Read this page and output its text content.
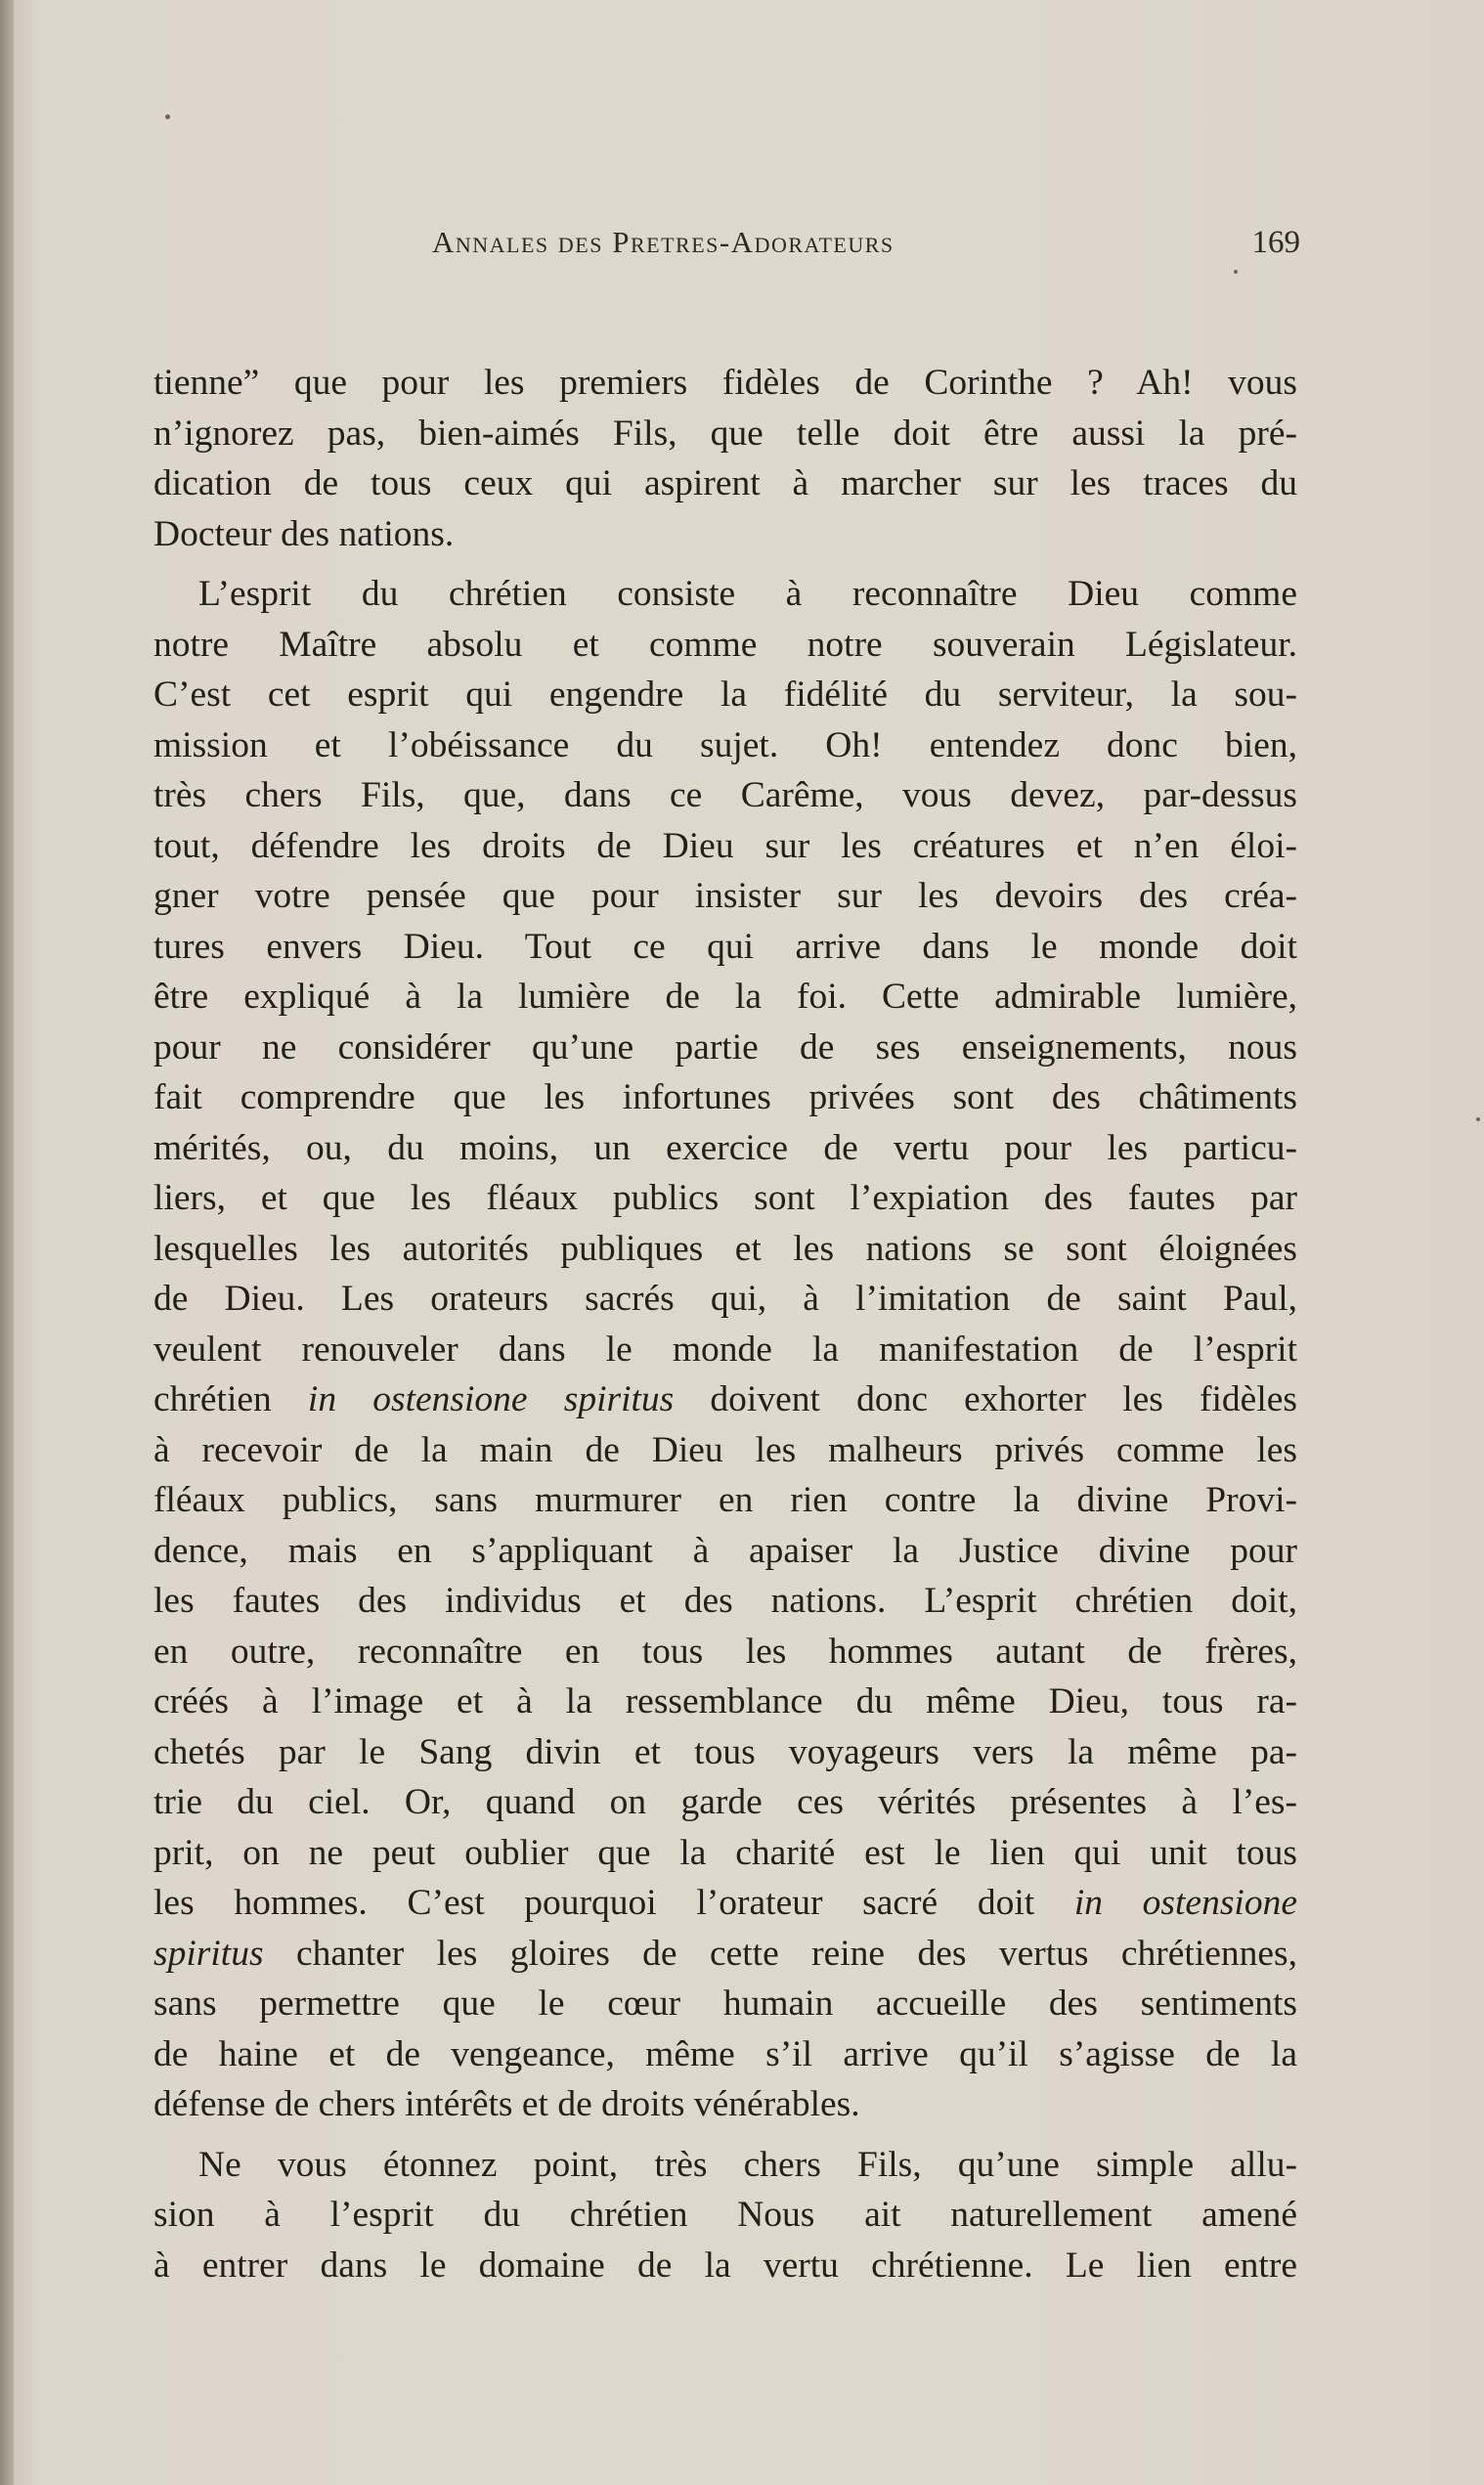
Annales des Pretres-Adorateurs	169
tienne” que pour les premiers fidèles de Corinthe ? Ah! vous
n’ignorez pas, bien-aimés Fils, que telle doit être aussi la pré-
dication de tous ceux qui aspirent à marcher sur les traces du
Docteur des nations.
L’esprit du chrétien consiste à reconnaître Dieu comme
notre Maître absolu et comme notre souverain Législateur.
C’est cet esprit qui engendre la fidélité du serviteur, la sou-
mission et l’obéissance du sujet. Oh! entendez donc bien,
très chers Fils, que, dans ce Carême, vous devez, par-dessus
tout, défendre les droits de Dieu sur les créatures et n’en éloi-
gner votre pensée que pour insister sur les devoirs des créa-
tures envers Dieu. Tout ce qui arrive dans le monde doit
être expliqué à la lumière de la foi. Cette admirable lumière,
pour ne considérer qu’une partie de ses enseignements, nous
fait comprendre que les infortunes privées sont des châtiments
mérités, ou, du moins, un exercice de vertu pour les particu-
liers, et que les fléaux publics sont l’expiation des fautes par
lesquelles les autorités publiques et les nations se sont éloignées
de Dieu. Les orateurs sacrés qui, à l’imitation de saint Paul,
veulent renouveler dans le monde la manifestation de l’esprit
chrétien in ostensione spiritus doivent donc exhorter les fidèles
à recevoir de la main de Dieu les malheurs privés comme les
fléaux publics, sans murmurer en rien contre la divine Provi-
dence, mais en s’appliquant à apaiser la Justice divine pour
les fautes des individus et des nations. L’esprit chrétien doit,
en outre, reconnaître en tous les hommes autant de frères,
créés à l’image et à la ressemblance du même Dieu, tous ra-
chetés par le Sang divin et tous voyageurs vers la même pa-
trie du ciel. Or, quand on garde ces vérités présentes à l’es-
prit, on ne peut oublier que la charité est le lien qui unit tous
les hommes. C’est pourquoi l’orateur sacré doit in ostensione
spiritus chanter les gloires de cette reine des vertus chrétiennes,
sans permettre que le cœur humain accueille des sentiments
de haine et de vengeance, même s’il arrive qu’il s’agisse de la
défense de chers intérêts et de droits vénérables.
Ne vous étonnez point, très chers Fils, qu’une simple allu-
sion à l’esprit du chrétien Nous ait naturellement amené
à entrer dans le domaine de la vertu chrétienne. Le lien entre
